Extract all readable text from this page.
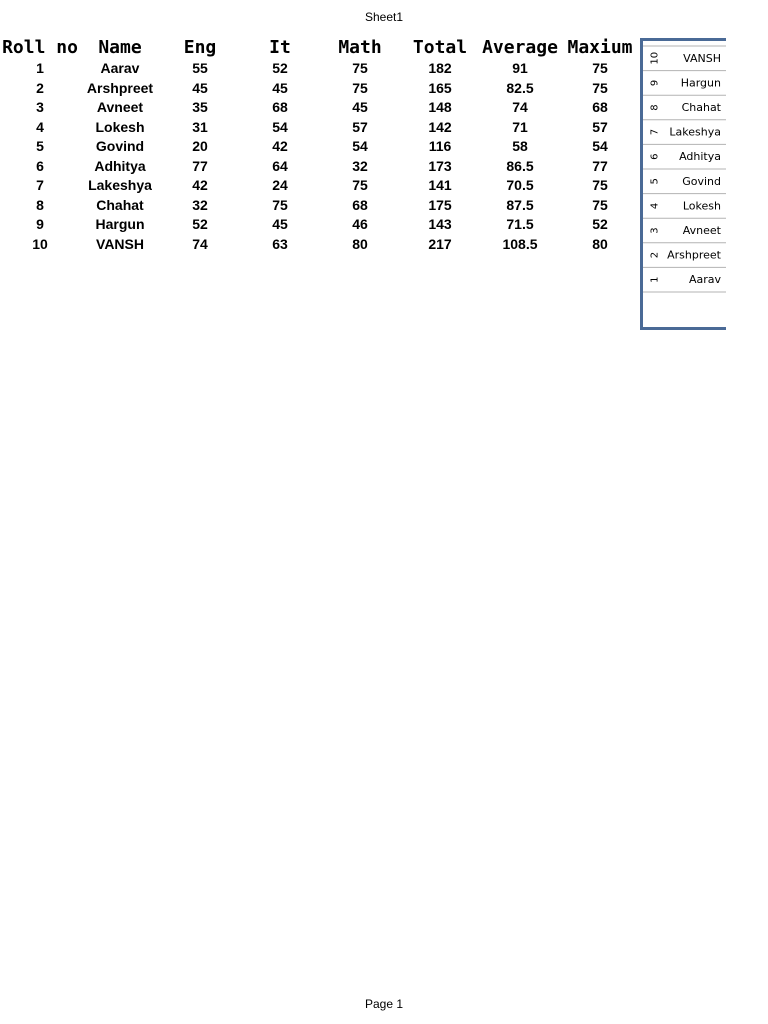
Sheet1
Roll no	Name	Eng	It	Math	Total	Average	Maxium
1	Aarav	55	52	75	182	91	75
2	Arshpreet	45	45	75	165	82.5	75
3	Avneet	35	68	45	148	74	68
4	Lokesh	31	54	57	142	71	57
5	Govind	20	42	54	116	58	54
6	Adhitya	77	64	32	173	86.5	77
7	Lakeshya	42	24	75	141	70.5	75
8	Chahat	32	75	68	175	87.5	75
9	Hargun	52	45	46	143	71.5	52
10	VANSH	74	63	80	217	108.5	80
10 VANSH
9 Hargun
8 Chahat
7 Lakeshya
6 Adhitya
5 Govind
4 Lokesh
3 Avneet
2 Arshpreet
1	Aarav
Page 1
